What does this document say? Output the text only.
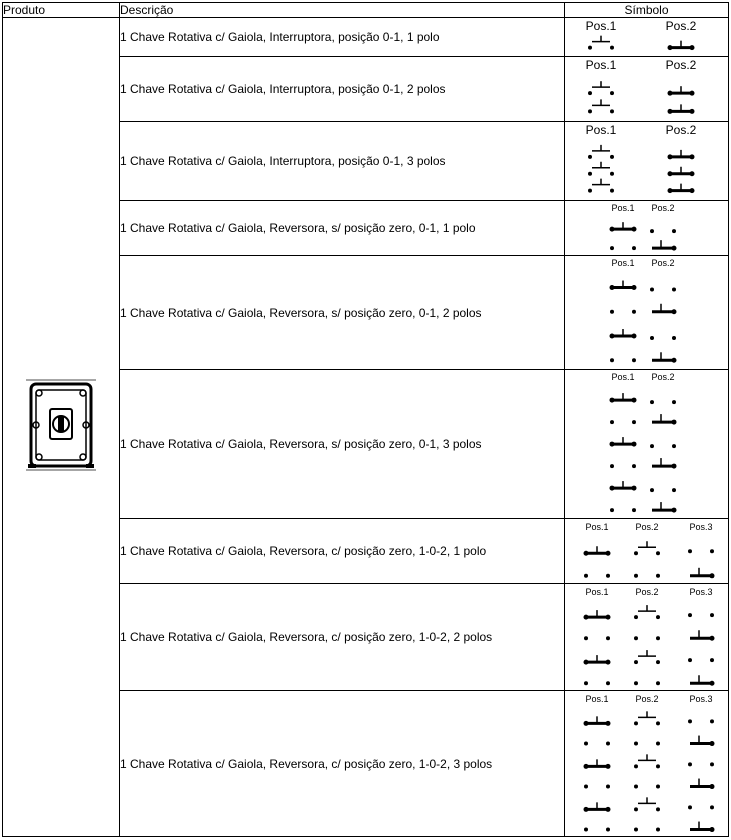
Produto	Descrição	Símbolo
	1 Chave Rotativa c/ Gaiola, Interruptora, posição 0-1, 1 polo	Pos.1 Pos.2

	1 Chave Rotativa c/ Gaiola, Interruptora, posição 0-1, 2 polos	Pos.1 Pos.2

	1 Chave Rotativa c/ Gaiola, Interruptora, posição 0-1, 3 polos	Pos.1 Pos.2

	1 Chave Rotativa c/ Gaiola, Reversora, s/ posição zero, 0-1, 1 polo	Pos.1 Pos.2

	1 Chave Rotativa c/ Gaiola, Reversora, s/ posição zero, 0-1, 2 polos	Pos.1 Pos.2

	1 Chave Rotativa c/ Gaiola, Reversora, s/ posição zero, 0-1, 3 polos	Pos.1 Pos.2

	1 Chave Rotativa c/ Gaiola, Reversora, c/ posição zero, 1-0-2, 1 polo	Pos.1 Pos.2 Pos.3

	1 Chave Rotativa c/ Gaiola, Reversora, c/ posição zero, 1-0-2, 2 polos	Pos.1 Pos.2 Pos.3

	1 Chave Rotativa c/ Gaiola, Reversora, c/ posição zero, 1-0-2, 3 polos	Pos.1 Pos.2 Pos.3
